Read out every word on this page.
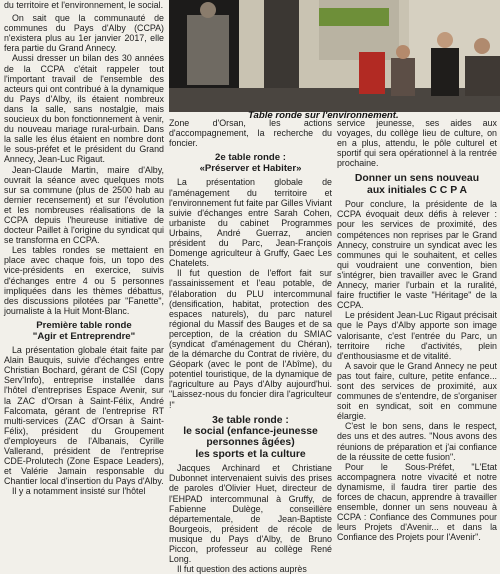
du territoire et l'environnement, le social.

On sait que la communauté de communes du Pays d'Alby (CCPA) n'existera plus au 1er janvier 2017, elle fera partie du Grand Annecy.

Aussi dresser un bilan des 30 années de la CCPA c'était rappeler tout l'important travail de l'ensemble des acteurs qui ont contribué à la dynamique du Pays d'Alby, ils étaient nombreux dans la salle, sans nostalgie, mais soucieux du bon fonctionnement à venir, du nouveau mariage rural-urbain. Dans la salle les élus étaient en nombre dont le sous-préfet et le président du Grand Annecy, Jean-Luc Rigaut.

Jean-Claude Martin, maire d'Alby, ouvrait la séance avec quelques mots sur sa commune (plus de 2500 hab au dernier recensement) et sur l'évolution et les nombreuses réalisations de la CCPA depuis l'heureuse initiative de docteur Paillet à l'origine du syndicat qui se transforma en CCPA.

Les tables rondes se mettaient en place avec chaque fois, un topo des vice-présidents en exercice, suivis d'échanges entre 4 ou 5 personnes impliquées dans les thèmes débattus, des discussions pilotées par "Fanette", journaliste à la Huit Mont-Blanc.

Première table ronde
"Agir et Entreprendre"

La présentation globale était faite par Alain Bauquis, suivie d'échanges entre Christian Bochard, gérant de CSI (Copy Serv'Info), entreprise installée dans l'hôtel d'entreprises Espace Avenir, sur la ZAC d'Orsan à Saint-Félix, André Falcomata, gérant de l'entreprise RT multi-services (ZAC d'Orsan à Saint-Félix), président du Groupement d'employeurs de l'Albanais, Cyrille Vallerand, président de l'entreprise CDE-Prolutech (Zone Espace Leaders), et Valérie Jamain responsable du Chantier local d'insertion du Pays d'Alby.

Il y a notamment insisté sur l'hôtel

Table ronde sur l'environnement.

Zone d'Orsan, les actions d'accompagnement, la recherche du foncier.

2e table ronde :
«Préserver et Habiter»

La présentation globale de l'aménagement du territoire et l'environnement fut faite par Gilles Viviant suivie d'échanges entre Sarah Cohen, urbaniste du cabinet Programmes Urbains, André Guerraz, ancien président du Parc, Jean-François Domenge agriculteur à Gruffy, Gaec Les Chatelets.

Il fut question de l'effort fait sur l'assainissement et l'eau potable, de l'élaboration du PLU intercommunal (densification, habitat, protection des espaces naturels), du parc naturel régional du Massif des Bauges et de sa perception, de la création du SMIAC (syndicat d'aménagement du Chéran), de la démarche du Contrat de rivière, du Géopark (avec le pont de l'Abîme), du potentiel touristique, de la dynamique de l'agriculture au Pays d'Alby aujourd'hui. "Laissez-nous du foncier dira l'agriculteur !"

3e table ronde :
le social (enfance-jeunesse personnes âgées)
les sports et la culture

Jacques Archinard et Christiane Dubonnet intervenaient suivis des prises de paroles d'Olivier Huet, directeur de l'EHPAD intercommunal à Gruffy, de Fabienne Dulège, conseillère départementale, de Jean-Baptiste Bourgeois, président de récole de musique du Pays d'Alby, de Bruno Piccon, professeur au collège René Long.

Il fut question des actions auprès

service jeunesse, ses aides aux voyages, du collège lieu de culture, on en a plus, attendu, le pôle culturel et sportif qui sera opérationnel à la rentrée prochaine.

Donner un sens nouveau
aux initiales C C P A

Pour conclure, la présidente de la CCPA évoquait deux défis à relever : pour les services de proximité, des compétences non reprises par le Grand Annecy, construire un syndicat avec les communes qui le souhaitent, et celles qui voudraient une convention, bien s'intégrer, bien travailler avec le Grand Annecy, marier l'urbain et la ruralité, faire fructifier le vaste "Héritage" de la CCPA.

Le président Jean-Luc Rigaut précisait que le Pays d'Alby apporte son image valorisante, c'est l'entrée du Parc, un territoire riche d'activités, plein d'enthousiasme et de vitalité.

A savoir que le Grand Annecy ne peut pas tout faire, culture, petite enfance... sont des services de proximité, aux communes de s'entendre, de s'organiser soit en syndicat, soit en commune élargie.

C'est le bon sens, dans le respect, des uns et des autres. "Nous avons des réunions de préparation et j'ai confiance de la réussite de cette fusion".

Pour le Sous-Préfet, "L'Etat accompagnera notre vivacité et notre dynamisme, il faudra tirer partie des forces de chacun, apprendre à travailler ensemble, donner un sens nouveau à CCPA : Confiance des Communes pour leurs Projets d'Avenir... et dans la Confiance des Projets pour l'Avenir".
